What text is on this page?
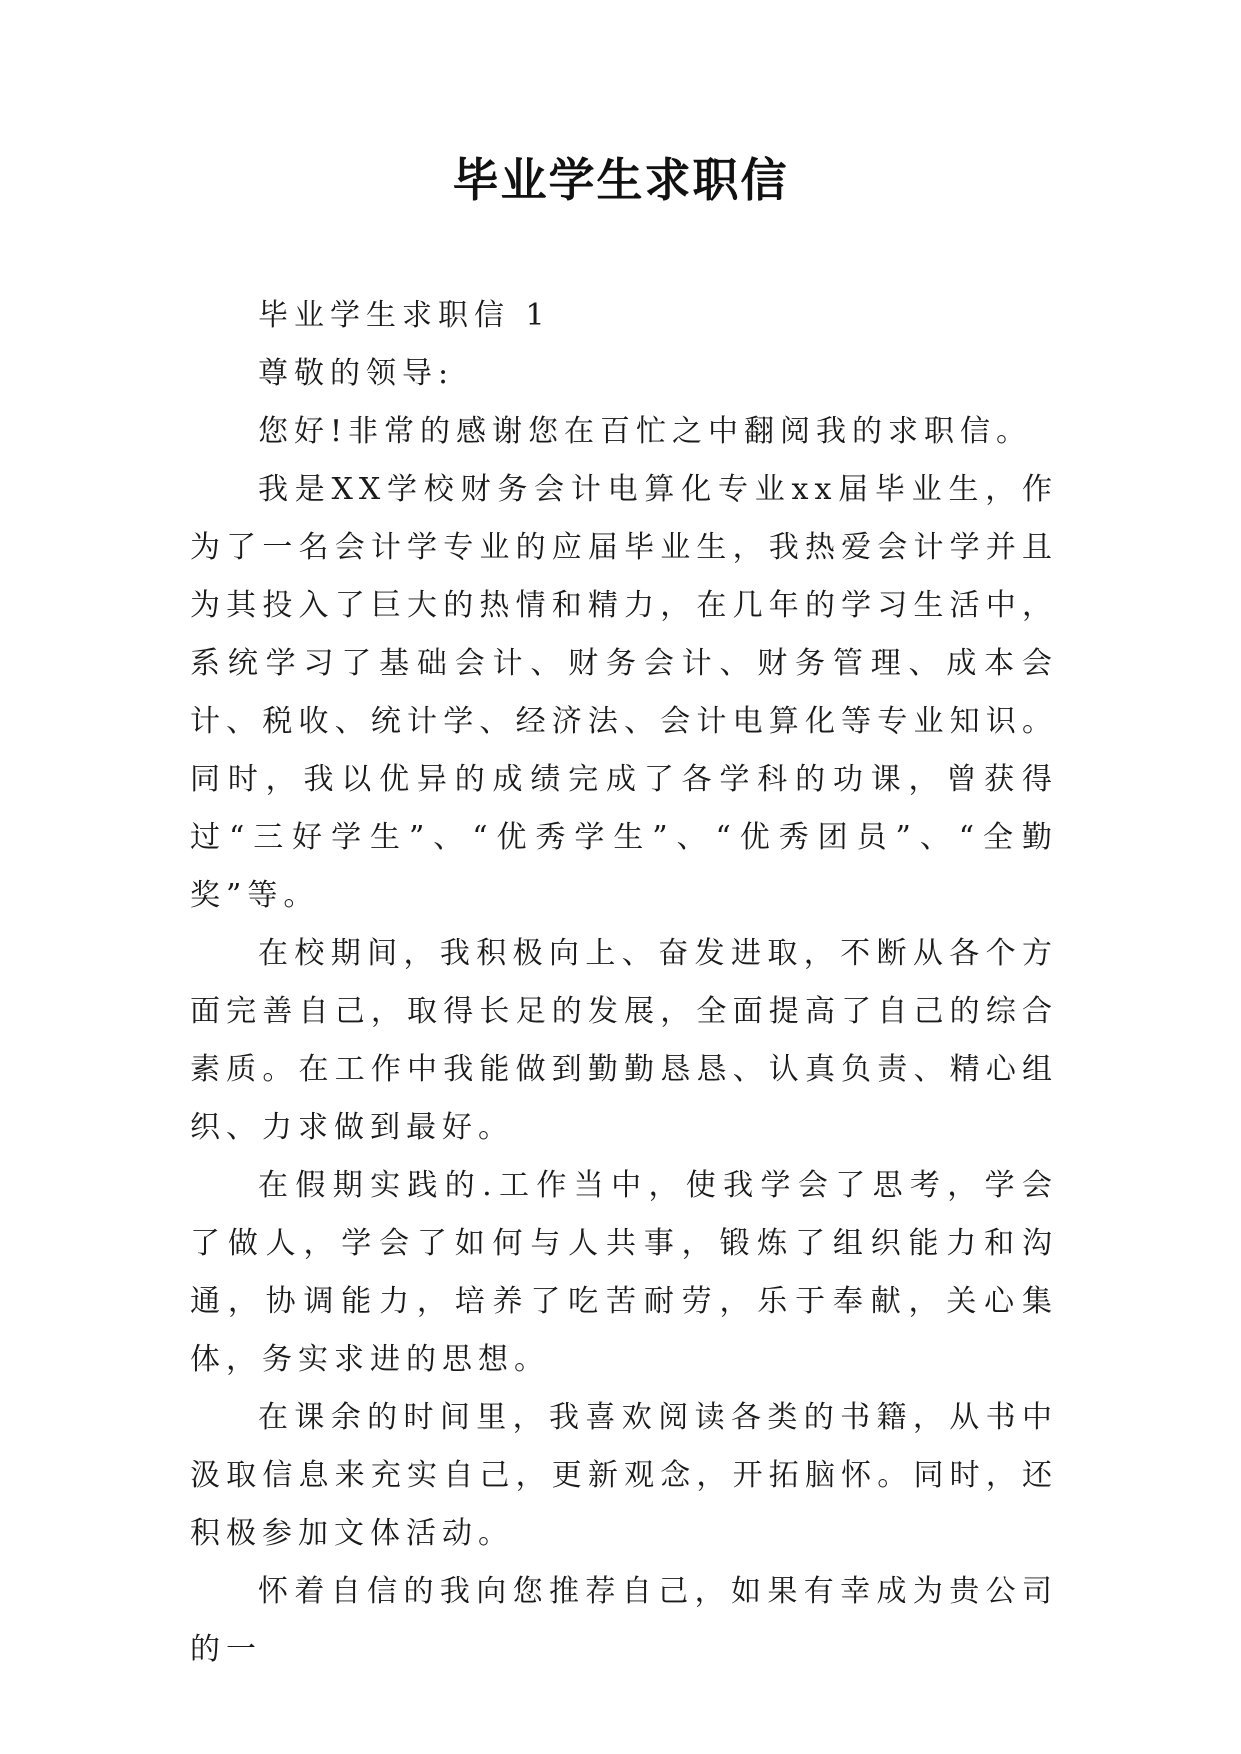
毕业学生求职信

毕业学生求职信 1

尊敬的领导:

您好!非常的感谢您在百忙之中翻阅我的求职信。

我是XX学校财务会计电算化专业xx届毕业生，作为了一名会计学专业的应届毕业生，我热爱会计学并且为其投入了巨大的热情和精力，在几年的学习生活中，系统学习了基础会计、财务会计、财务管理、成本会计、税收、统计学、经济法、会计电算化等专业知识。同时，我以优异的成绩完成了各学科的功课，曾获得过“三好学生”、“优秀学生”、“优秀团员”、“全勤奖”等。

在校期间，我积极向上、奋发进取，不断从各个方面完善自己，取得长足的发展，全面提高了自己的综合素质。在工作中我能做到勤勤恳恳、认真负责、精心组织、力求做到最好。

在假期实践的.工作当中，使我学会了思考，学会了做人，学会了如何与人共事，锻炼了组织能力和沟通，协调能力，培养了吃苦耐劳，乐于奉献，关心集体，务实求进的思想。

在课余的时间里，我喜欢阅读各类的书籍，从书中汲取信息来充实自己，更新观念，开拓脑怀。同时，还积极参加文体活动。

怀着自信的我向您推荐自己，如果有幸成为贵公司的一
